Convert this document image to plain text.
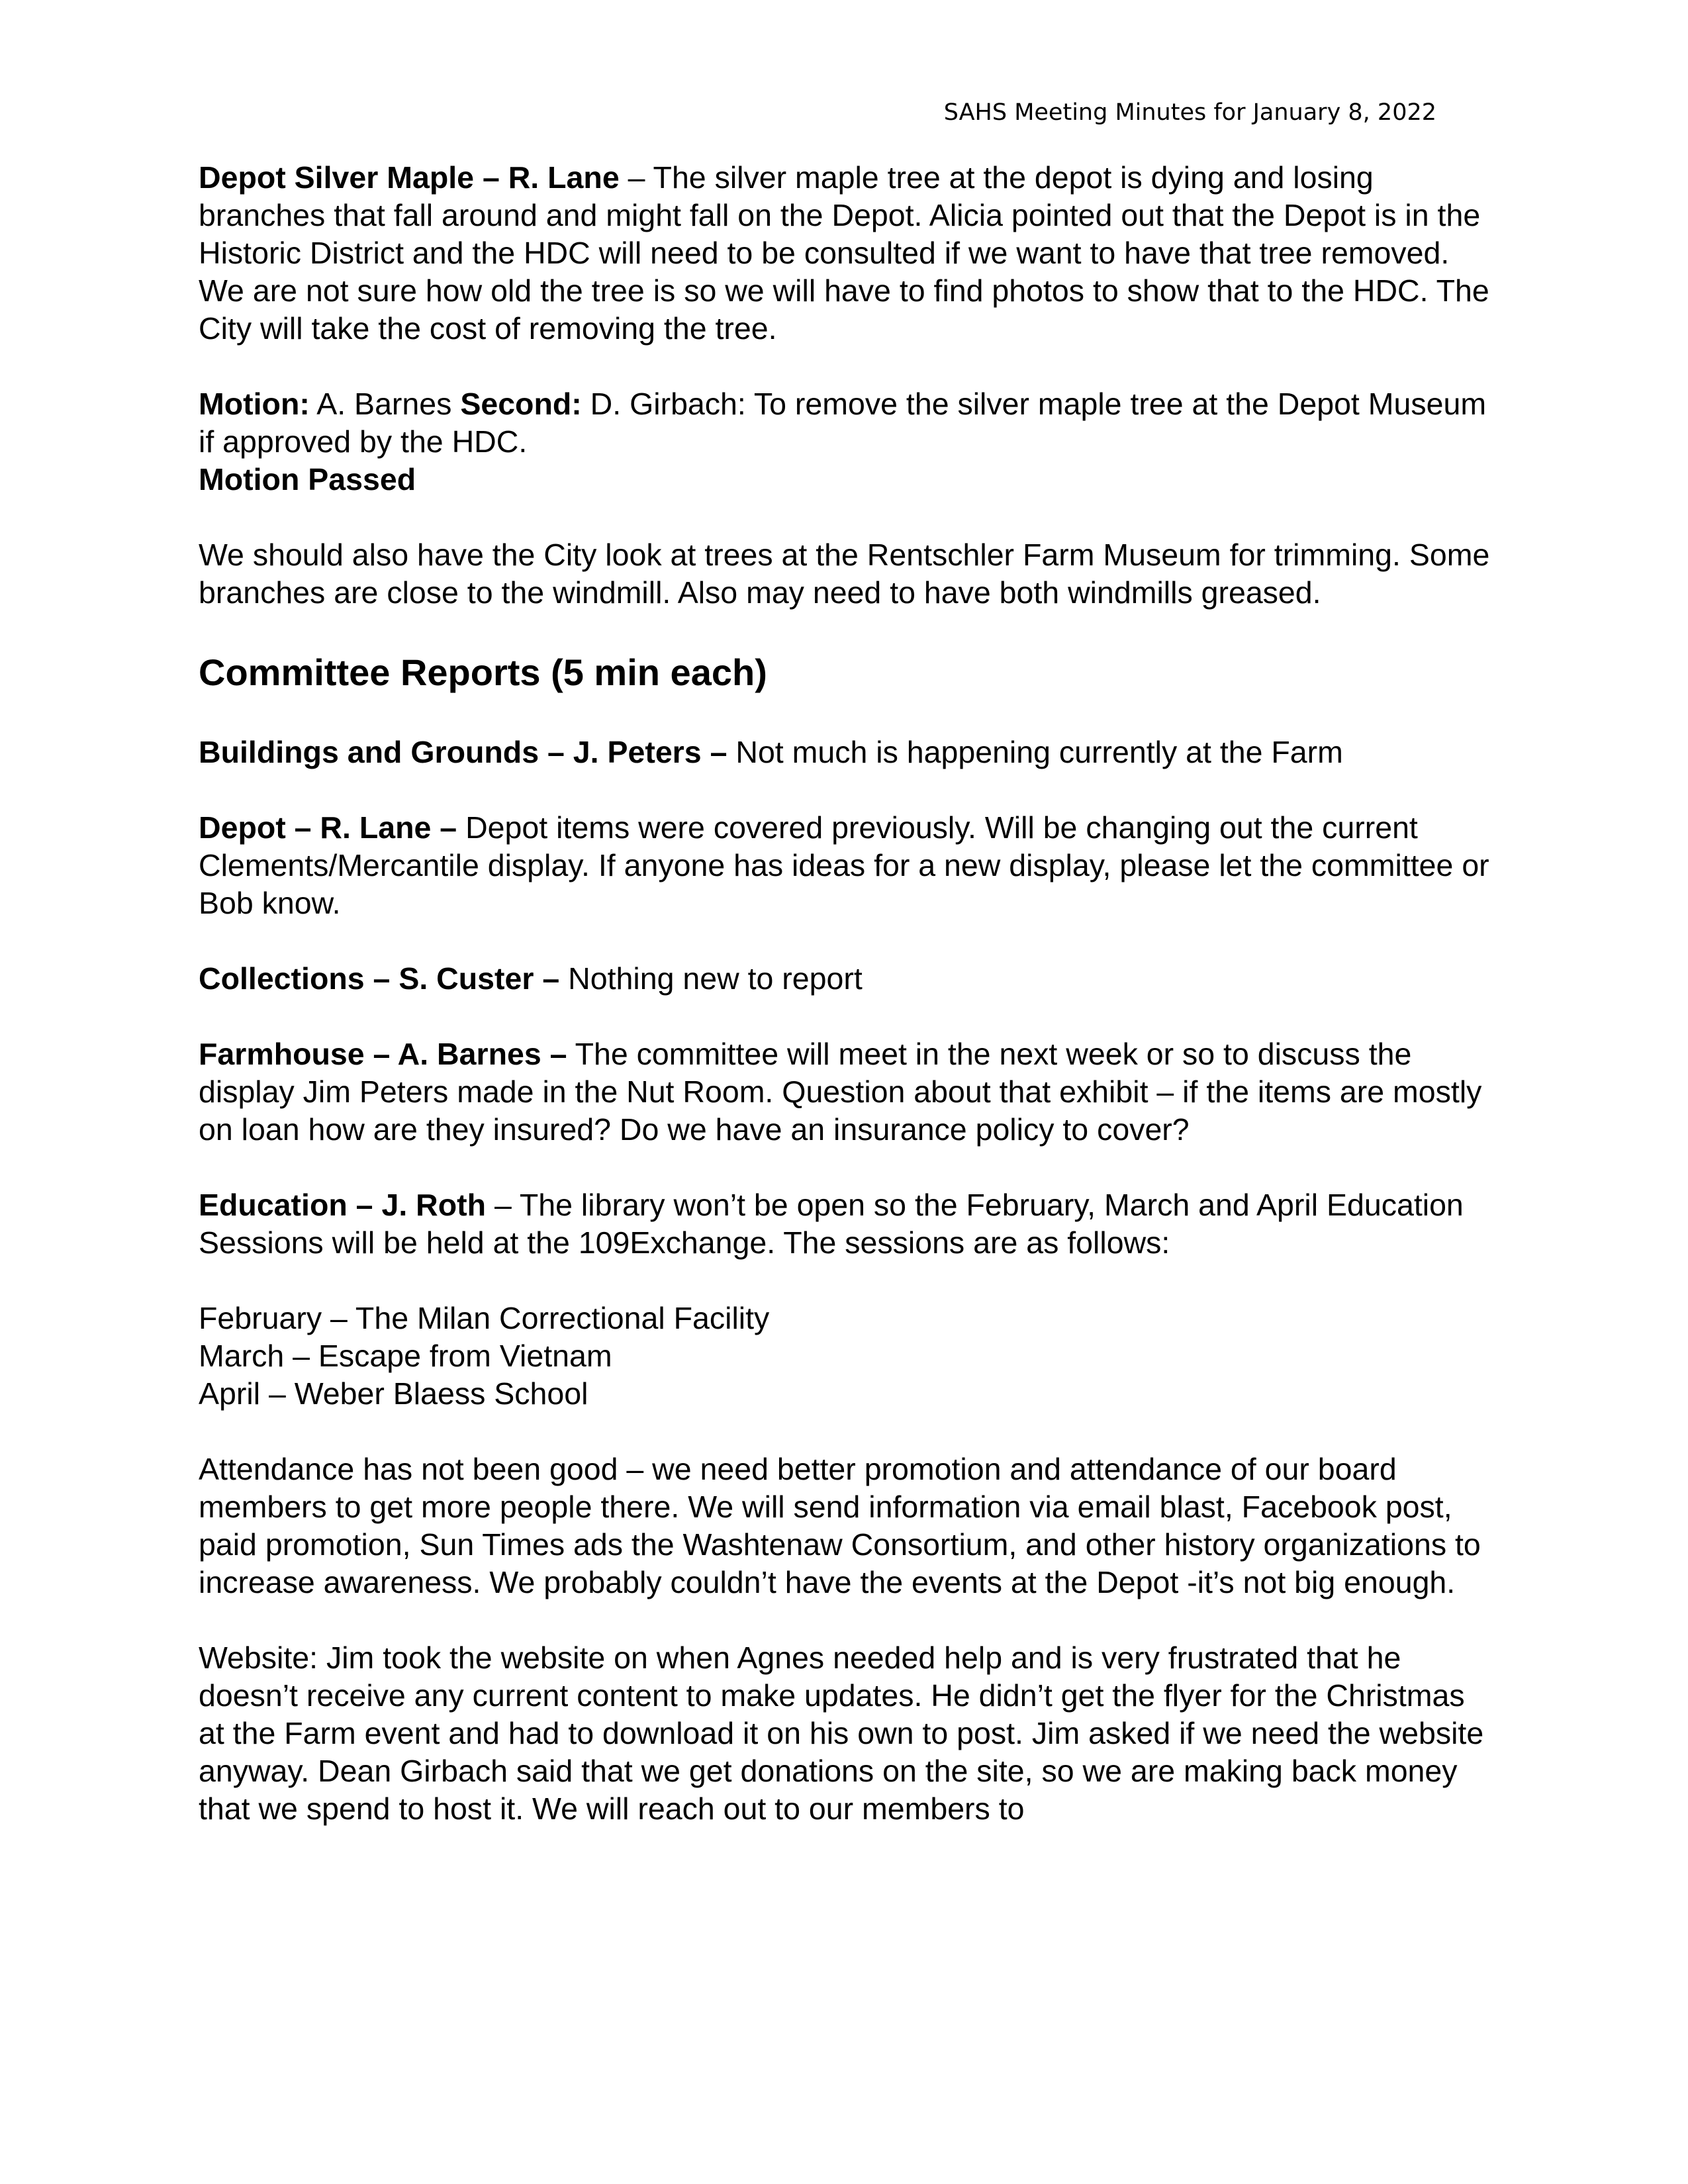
SAHS Meeting Minutes for January 8, 2022

Depot Silver Maple – R. Lane – The silver maple tree at the depot is dying and losing branches that fall around and might fall on the Depot. Alicia pointed out that the Depot is in the Historic District and the HDC will need to be consulted if we want to have that tree removed. We are not sure how old the tree is so we will have to find photos to show that to the HDC. The City will take the cost of removing the tree.

Motion: A. Barnes Second: D. Girbach: To remove the silver maple tree at the Depot Museum if approved by the HDC.

Motion Passed

We should also have the City look at trees at the Rentschler Farm Museum for trimming. Some branches are close to the windmill. Also may need to have both windmills greased.

Committee Reports (5 min each)

Buildings and Grounds – J. Peters – Not much is happening currently at the Farm

Depot – R. Lane – Depot items were covered previously. Will be changing out the current Clements/Mercantile display. If anyone has ideas for a new display, please let the committee or Bob know.

Collections – S. Custer – Nothing new to report

Farmhouse – A. Barnes – The committee will meet in the next week or so to discuss the display Jim Peters made in the Nut Room. Question about that exhibit – if the items are mostly on loan how are they insured? Do we have an insurance policy to cover?

Education – J. Roth – The library won’t be open so the February, March and April Education Sessions will be held at the 109Exchange. The sessions are as follows:

February – The Milan Correctional Facility
March – Escape from Vietnam
April – Weber Blaess School

Attendance has not been good – we need better promotion and attendance of our board members to get more people there. We will send information via email blast, Facebook post, paid promotion, Sun Times ads the Washtenaw Consortium, and other history organizations to increase awareness. We probably couldn’t have the events at the Depot -it’s not big enough.

Website: Jim took the website on when Agnes needed help and is very frustrated that he doesn’t receive any current content to make updates. He didn’t get the flyer for the Christmas at the Farm event and had to download it on his own to post. Jim asked if we need the website anyway. Dean Girbach said that we get donations on the site, so we are making back money that we spend to host it. We will reach out to our members to
